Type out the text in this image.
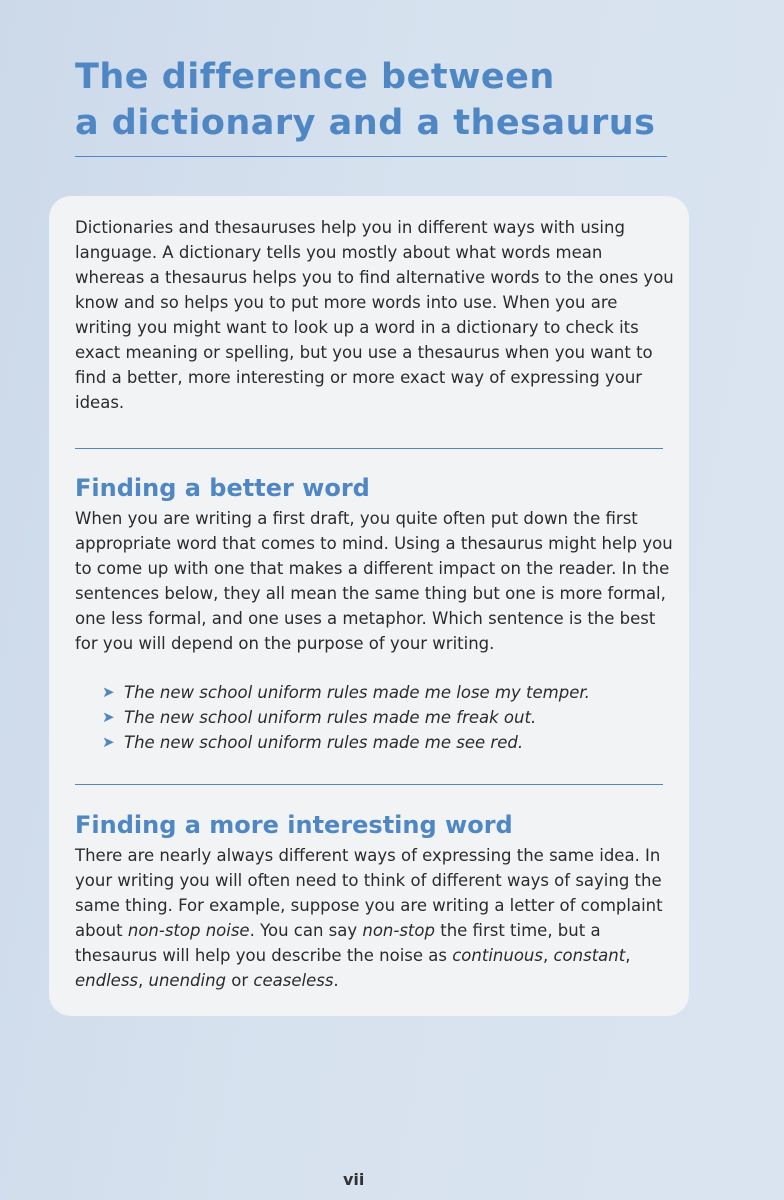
The difference between
a dictionary and a thesaurus

Dictionaries and thesauruses help you in different ways with using language. A dictionary tells you mostly about what words mean whereas a thesaurus helps you to find alternative words to the ones you know and so helps you to put more words into use. When you are writing you might want to look up a word in a dictionary to check its exact meaning or spelling, but you use a thesaurus when you want to find a better, more interesting or more exact way of expressing your ideas.

Finding a better word

When you are writing a first draft, you quite often put down the first appropriate word that comes to mind. Using a thesaurus might help you to come up with one that makes a different impact on the reader. In the sentences below, they all mean the same thing but one is more formal, one less formal, and one uses a metaphor. Which sentence is the best for you will depend on the purpose of your writing.

➤ The new school uniform rules made me lose my temper.
➤ The new school uniform rules made me freak out.
➤ The new school uniform rules made me see red.
Finding a more interesting word

There are nearly always different ways of expressing the same idea. In your writing you will often need to think of different ways of saying the same thing. For example, suppose you are writing a letter of complaint about non-stop noise. You can say non-stop the first time, but a thesaurus will help you describe the noise as continuous, constant, endless, unending or ceaseless.

vii
